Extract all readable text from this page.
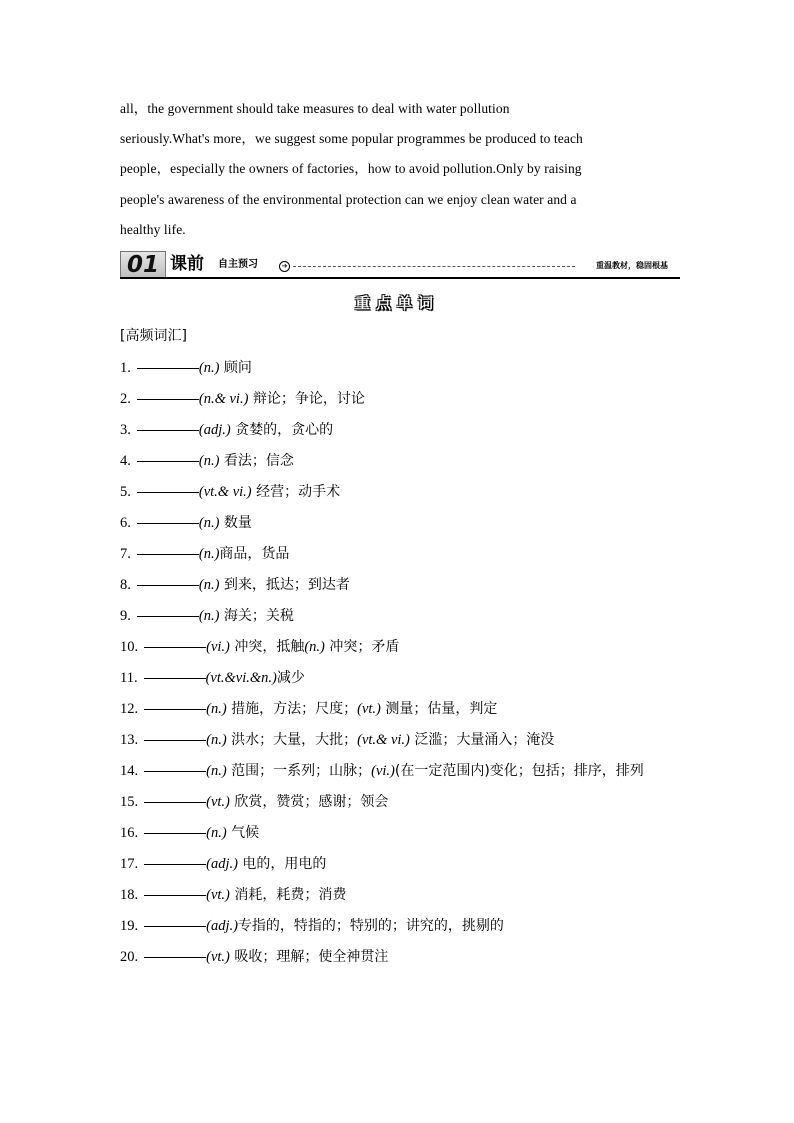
all，the government should take measures to deal with water pollution
seriously.What's more，we suggest some popular programmes be produced to teach
people，especially the owners of factories，how to avoid pollution.Only by raising
people's awareness of the environmental protection can we enjoy clean water and a
healthy life.
01 课前 自主预习	➔	重温教材，稳固根基
重点单词
[高频词汇]
1.	(n.) 顾问
2.	(n.& vi.) 辩论；争论，讨论
3.	(adj.) 贪婪的，贪心的
4.	(n.) 看法；信念
5.	(vt.& vi.) 经营；动手术
6.	(n.) 数量
7.	(n.)商品，货品
8.	(n.) 到来，抵达；到达者
9.	(n.) 海关；关税
10.	(vi.) 冲突，抵触(n.) 冲突；矛盾
11.	(vt.&vi.&n.)减少
12.	(n.) 措施，方法；尺度；(vt.) 测量；估量，判定
13.	(n.) 洪水；大量，大批；(vt.& vi.) 泛滥；大量涌入；淹没
14.	(n.) 范围；一系列；山脉；(vi.)(在一定范围内)变化；包括；排序，排列
15.	(vt.) 欣赏，赞赏；感谢；领会
16.	(n.) 气候
17.	(adj.) 电的，用电的
18.	(vt.) 消耗，耗费；消费
19.	(adj.)专指的，特指的；特别的；讲究的，挑剔的
20.	(vt.) 吸收；理解；使全神贯注
